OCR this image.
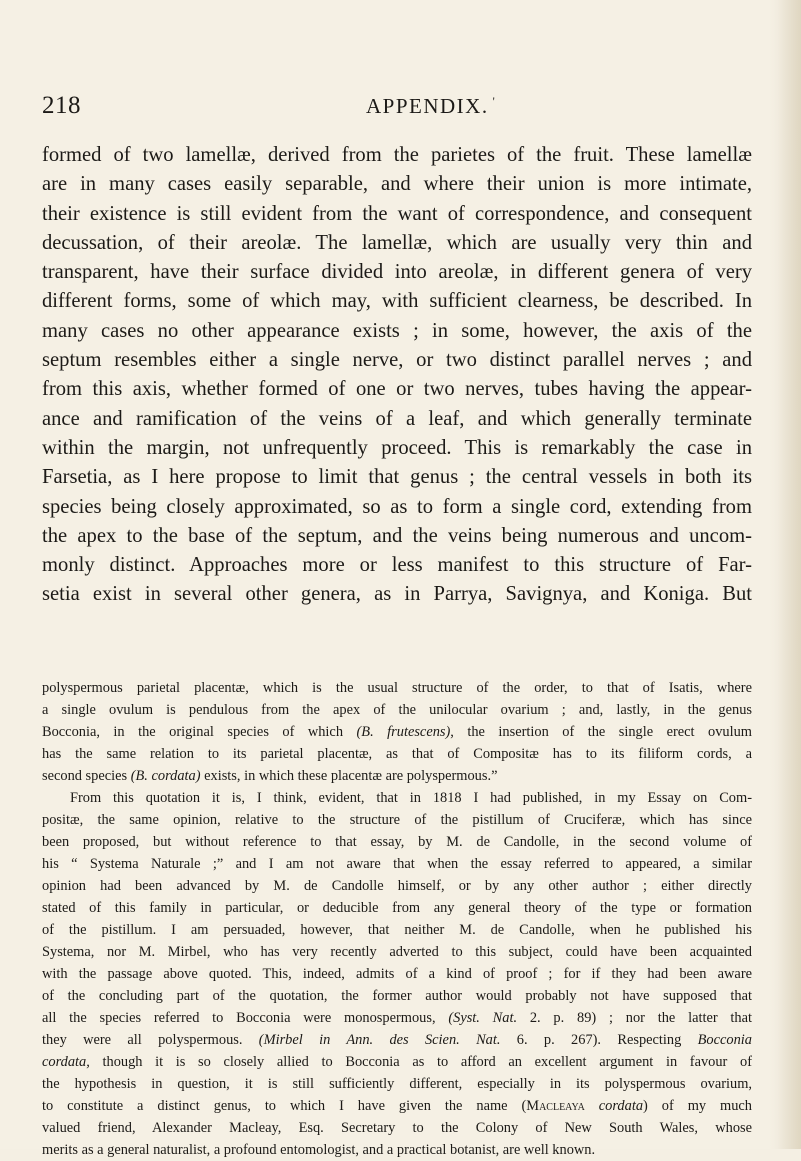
218	APPENDIX. '
formed of two lamellæ, derived from the parietes of the fruit. These lamellæ
are in many cases easily separable, and where their union is more intimate,
their existence is still evident from the want of correspondence, and consequent
decussation, of their areolæ. The lamellæ, which are usually very thin and
transparent, have their surface divided into areolæ, in different genera of very
different forms, some of which may, with sufficient clearness, be described. In
many cases no other appearance exists ; in some, however, the axis of the
septum resembles either a single nerve, or two distinct parallel nerves ; and
from this axis, whether formed of one or two nerves, tubes having the appear-
ance and ramification of the veins of a leaf, and which generally terminate
within the margin, not unfrequently proceed. This is remarkably the case in
Farsetia, as I here propose to limit that genus ; the central vessels in both its
species being closely approximated, so as to form a single cord, extending from
the apex to the base of the septum, and the veins being numerous and uncom-
monly distinct. Approaches more or less manifest to this structure of Far-
setia exist in several other genera, as in Parrya, Savignya, and Koniga. But
polyspermous parietal placentæ, which is the usual structure of the order, to that of Isatis, where
a single ovulum is pendulous from the apex of the unilocular ovarium ; and, lastly, in the genus
Bocconia, in the original species of which (B. frutescens), the insertion of the single erect ovulum
has the same relation to its parietal placentæ, as that of Compositæ has to its filiform cords, a
second species (B. cordata) exists, in which these placentæ are polyspermous.”
From this quotation it is, I think, evident, that in 1818 I had published, in my Essay on Com-
positæ, the same opinion, relative to the structure of the pistillum of Cruciferæ, which has since
been proposed, but without reference to that essay, by M. de Candolle, in the second volume of
his “ Systema Naturale ;” and I am not aware that when the essay referred to appeared, a similar
opinion had been advanced by M. de Candolle himself, or by any other author ; either directly
stated of this family in particular, or deducible from any general theory of the type or formation
of the pistillum. I am persuaded, however, that neither M. de Candolle, when he published his
Systema, nor M. Mirbel, who has very recently adverted to this subject, could have been acquainted
with the passage above quoted. This, indeed, admits of a kind of proof ; for if they had been aware
of the concluding part of the quotation, the former author would probably not have supposed that
all the species referred to Bocconia were monospermous, (Syst. Nat. 2. p. 89) ; nor the latter that
they were all polyspermous. (Mirbel in Ann. des Scien. Nat. 6. p. 267). Respecting Bocconia
cordata, though it is so closely allied to Bocconia as to afford an excellent argument in favour of
the hypothesis in question, it is still sufficiently different, especially in its polyspermous ovarium,
to constitute a distinct genus, to which I have given the name (Macleaya cordata) of my much
valued friend, Alexander Macleay, Esq. Secretary to the Colony of New South Wales, whose
merits as a general naturalist, a profound entomologist, and a practical botanist, are well known.
